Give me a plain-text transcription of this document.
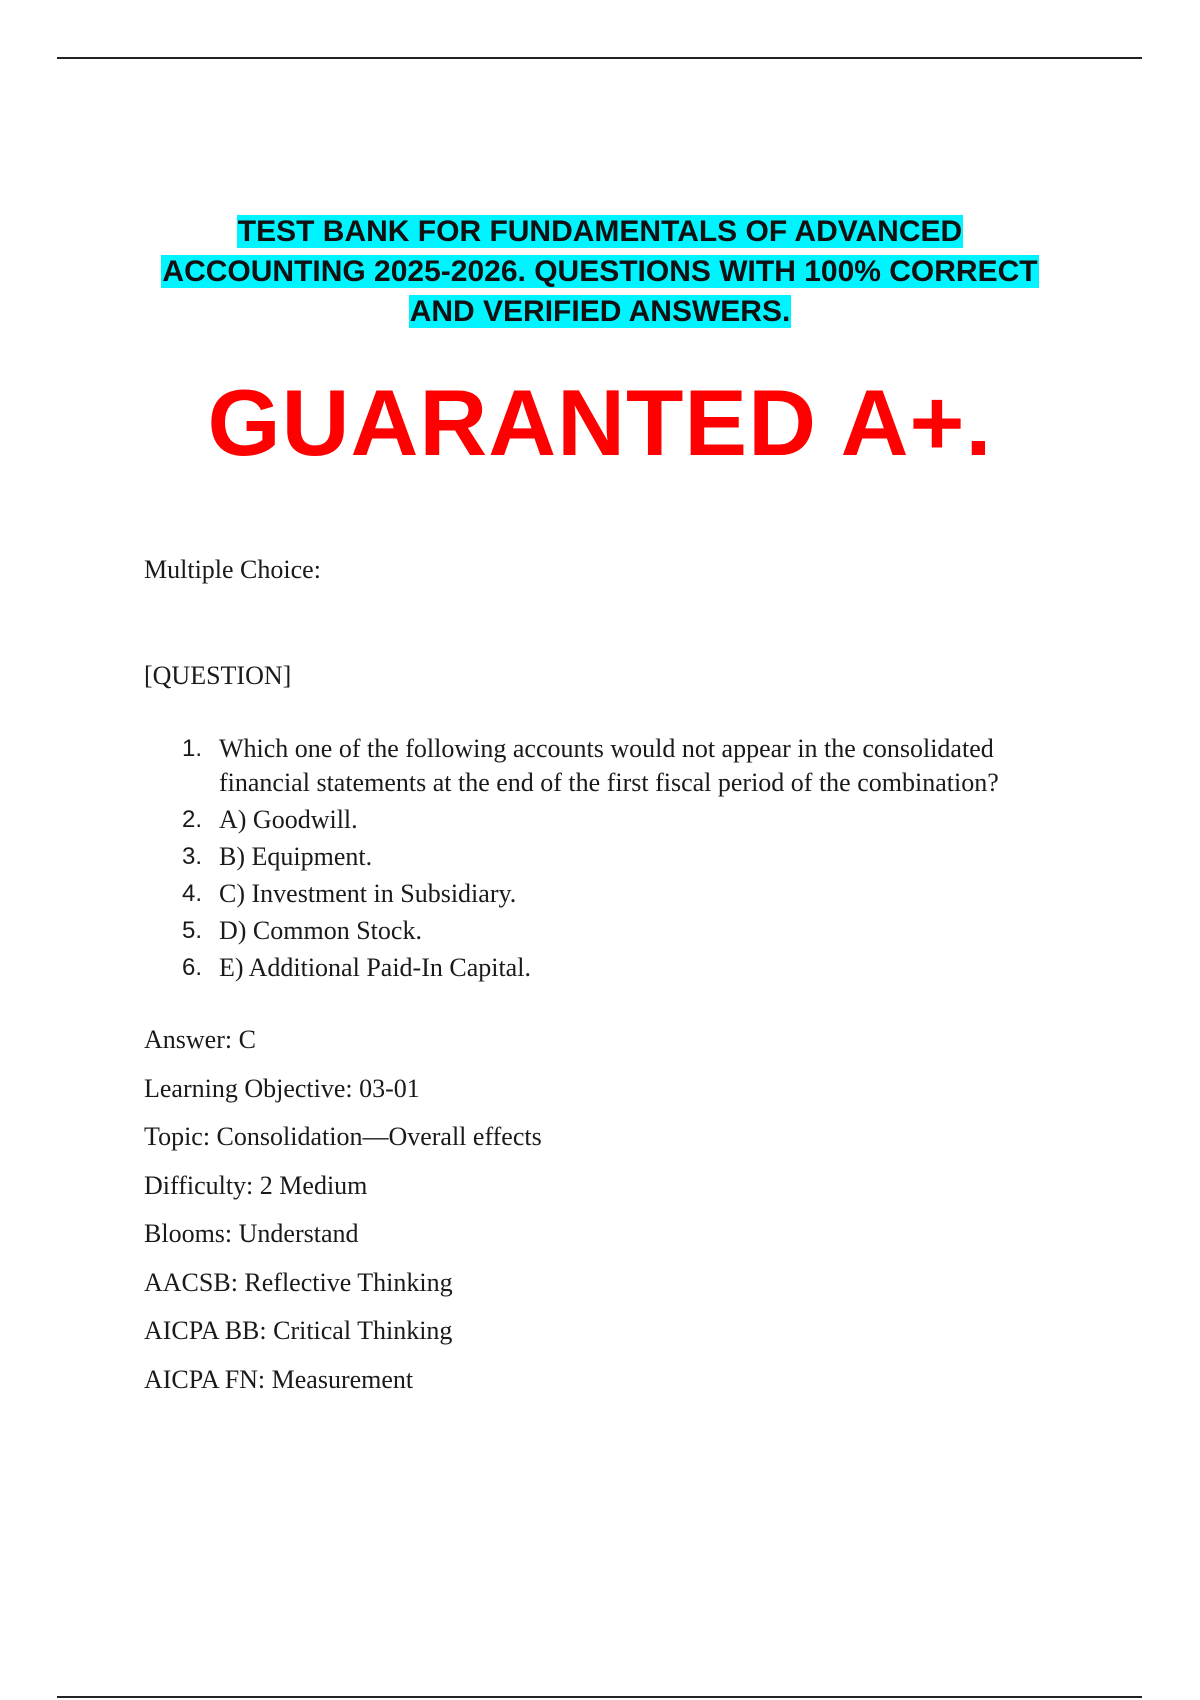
TEST BANK FOR FUNDAMENTALS OF ADVANCED
ACCOUNTING 2025-2026. QUESTIONS WITH 100% CORRECT
AND VERIFIED ANSWERS.
GUARANTED A+.
Multiple Choice:
[QUESTION]
1. Which one of the following accounts would not appear in the consolidated financial statements at the end of the first fiscal period of the combination?
2. A) Goodwill.
3. B) Equipment.
4. C) Investment in Subsidiary.
5. D) Common Stock.
6. E) Additional Paid-In Capital.
Answer: C
Learning Objective: 03-01
Topic: Consolidation—Overall effects
Difficulty: 2 Medium
Blooms: Understand
AACSB: Reflective Thinking
AICPA BB: Critical Thinking
AICPA FN: Measurement
